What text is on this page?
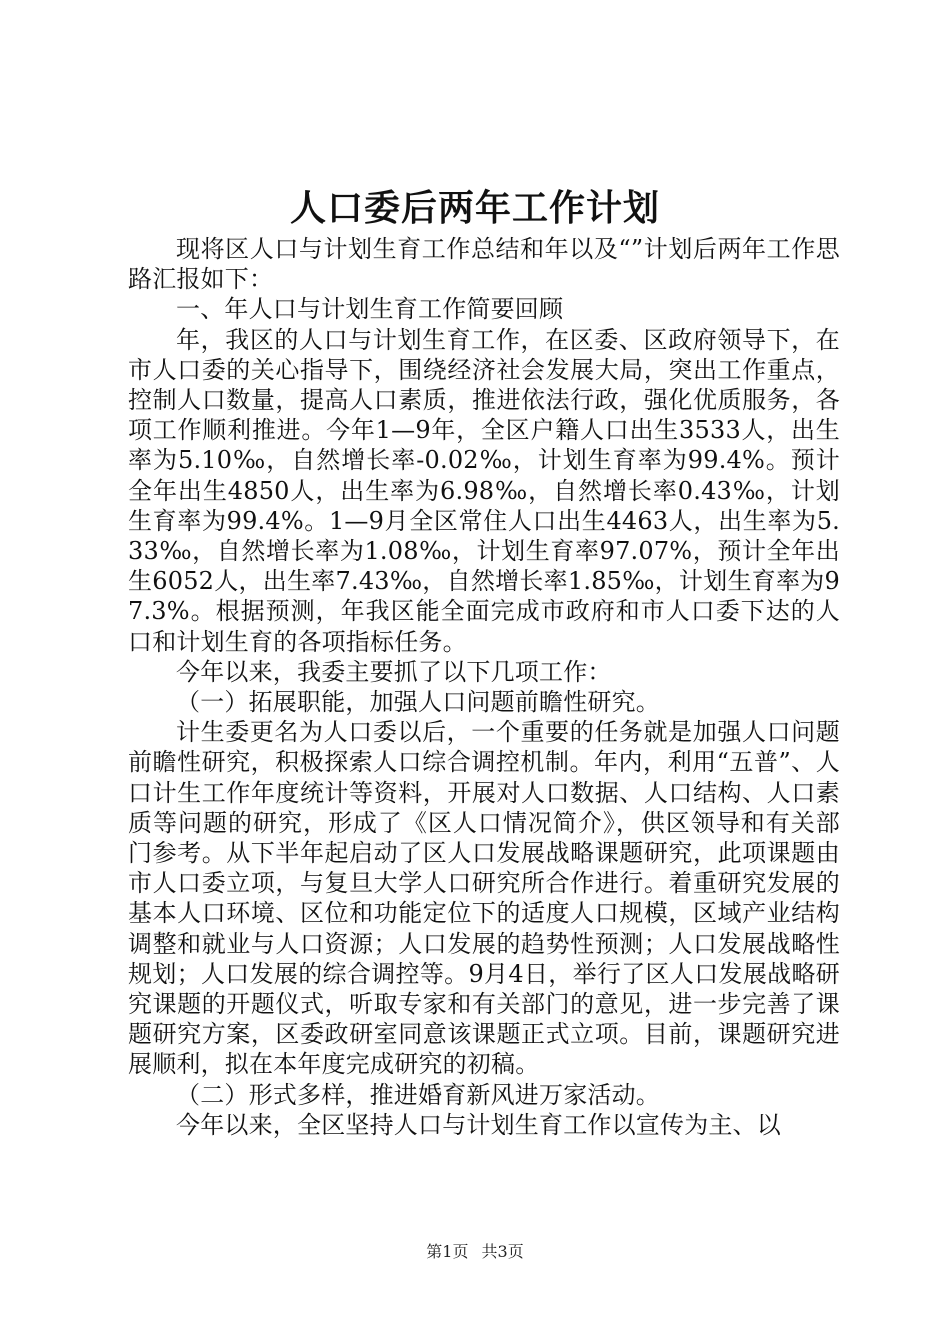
人口委后两年工作计划

现将区人口与计划生育工作总结和年以及“”计划后两年工作思路汇报如下：

一、年人口与计划生育工作简要回顾

年，我区的人口与计划生育工作，在区委、区政府领导下，在市人口委的关心指导下，围绕经济社会发展大局，突出工作重点，控制人口数量，提高人口素质，推进依法行政，强化优质服务，各项工作顺利推进。今年1—9年，全区户籍人口出生3533人，出生率为5.10‰，自然增长率-0.02‰，计划生育率为99.4%。预计全年出生4850人，出生率为6.98‰，自然增长率0.43‰，计划生育率为99.4%。1—9月全区常住人口出生4463人，出生率为5.33‰，自然增长率为1.08‰，计划生育率97.07%，预计全年出生6052人，出生率7.43‰，自然增长率1.85‰，计划生育率为97.3%。根据预测，年我区能全面完成市政府和市人口委下达的人口和计划生育的各项指标任务。

今年以来，我委主要抓了以下几项工作：

（一）拓展职能，加强人口问题前瞻性研究。

计生委更名为人口委以后，一个重要的任务就是加强人口问题前瞻性研究，积极探索人口综合调控机制。年内，利用“五普”、人口计生工作年度统计等资料，开展对人口数据、人口结构、人口素质等问题的研究，形成了《区人口情况简介》，供区领导和有关部门参考。从下半年起启动了区人口发展战略课题研究，此项课题由市人口委立项，与复旦大学人口研究所合作进行。着重研究发展的基本人口环境、区位和功能定位下的适度人口规模，区域产业结构调整和就业与人口资源；人口发展的趋势性预测；人口发展战略性规划；人口发展的综合调控等。9月4日，举行了区人口发展战略研究课题的开题仪式，听取专家和有关部门的意见，进一步完善了课题研究方案，区委政研室同意该课题正式立项。目前，课题研究进展顺利，拟在本年度完成研究的初稿。

（二）形式多样，推进婚育新风进万家活动。

今年以来，全区坚持人口与计划生育工作以宣传为主、以

第1页 共3页
